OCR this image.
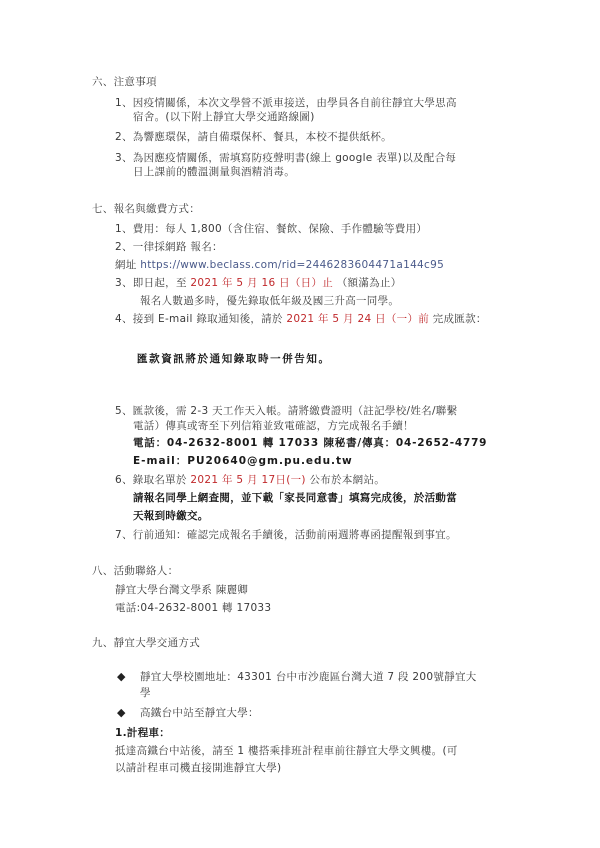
六、注意事項
1、因疫情關係，本次文學營不派車接送，由學員各自前往靜宜大學思高
宿舍。(以下附上靜宜大學交通路線圖)
2、為響應環保，請自備環保杯、餐具，本校不提供紙杯。
3、為因應疫情關係，需填寫防疫聲明書(線上 google 表單)以及配合每
日上課前的體溫測量與酒精消毒。
七、報名與繳費方式：
1、費用：每人 1,800（含住宿、餐飲、保險、手作體驗等費用）
2、一律採網路 報名：
網址 https://www.beclass.com/rid=2446283604471a144c95
3、即日起，至 2021 年 5 月 16 日（日）止 （額滿為止）
報名人數過多時，優先錄取低年級及國三升高一同學。
4、接到 E-mail 錄取通知後，請於 2021 年 5 月 24 日（一）前 完成匯款：
匯款資訊將於通知錄取時一併告知。
5、匯款後，需 2-3 天工作天入帳。請將繳費證明（註記學校/姓名/聯繫
電話）傳真或寄至下列信箱並致電確認，方完成報名手續！
電話：04-2632-8001 轉 17033 陳秘書/傳真：04-2652-4779
E-mail：PU20640@gm.pu.edu.tw
6、錄取名單於 2021 年 5 月 17日(一) 公布於本網站。
請報名同學上網查閱，並下載「家長同意書」填寫完成後，於活動當
天報到時繳交。
7、行前通知：確認完成報名手續後，活動前兩週將專函提醒報到事宜。
八、活動聯絡人：
靜宜大學台灣文學系 陳麗卿
電話:04-2632-8001 轉 17033
九、靜宜大學交通方式
◆ 靜宜大學校園地址：43301 台中市沙鹿區台灣大道 7 段 200號靜宜大
學
◆ 高鐵台中站至靜宜大學：
1.計程車：
抵達高鐵台中站後，請至 1 樓搭乘排班計程車前往靜宜大學文興樓。(可
以請計程車司機直接開進靜宜大學)
